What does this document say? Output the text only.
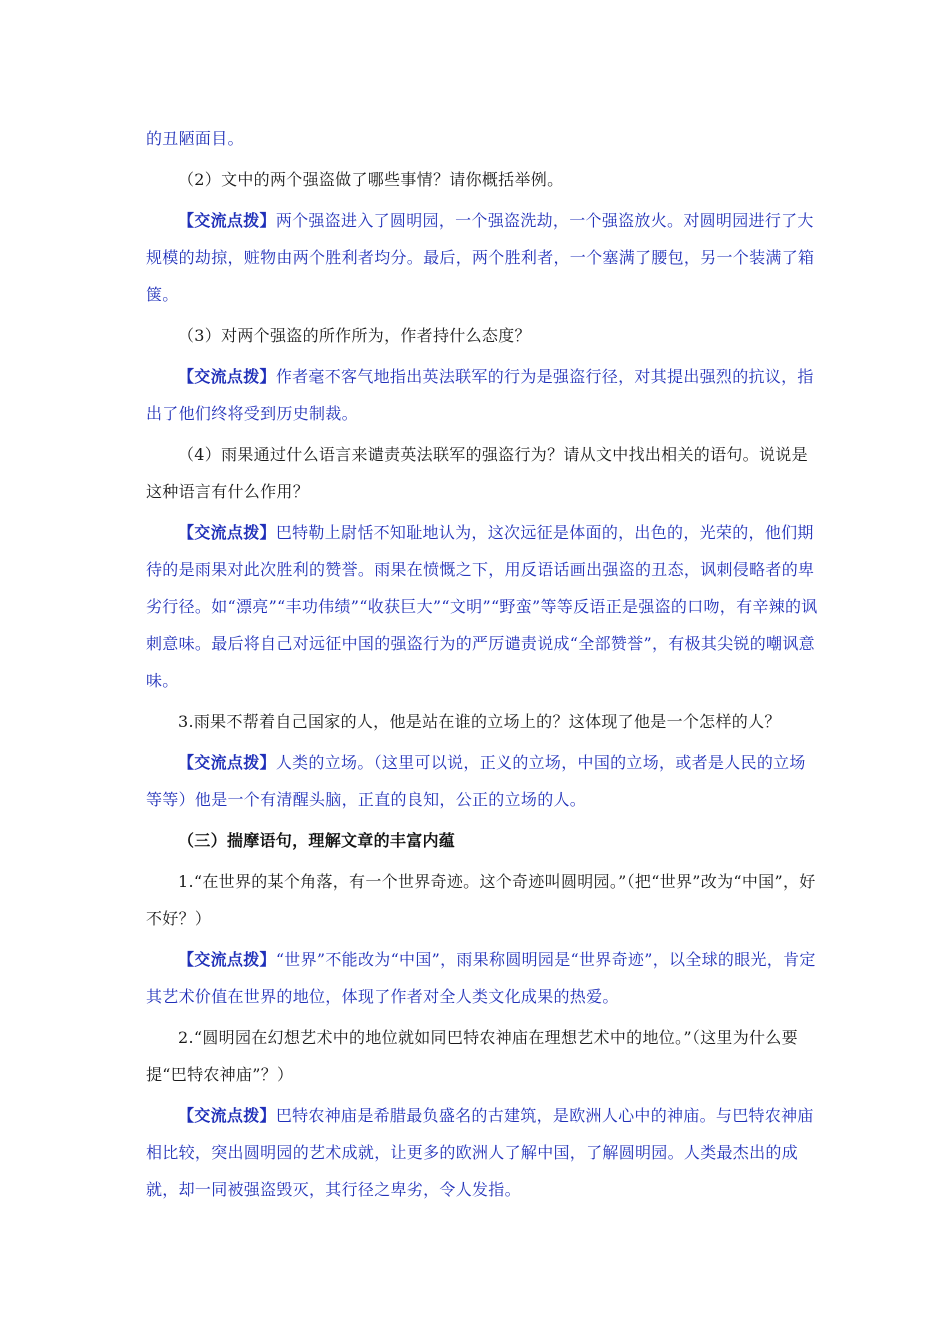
的丑陋面目。

（2）文中的两个强盗做了哪些事情？请你概括举例。

【交流点拨】两个强盗进入了圆明园，一个强盗洗劫，一个强盗放火。对圆明园进行了大规模的劫掠，赃物由两个胜利者均分。最后，两个胜利者，一个塞满了腰包，另一个装满了箱箧。

（3）对两个强盗的所作所为，作者持什么态度？

【交流点拨】作者毫不客气地指出英法联军的行为是强盗行径，对其提出强烈的抗议，指出了他们终将受到历史制裁。

（4）雨果通过什么语言来谴责英法联军的强盗行为？请从文中找出相关的语句。说说是这种语言有什么作用？

【交流点拨】巴特勒上尉恬不知耻地认为，这次远征是体面的，出色的，光荣的，他们期待的是雨果对此次胜利的赞誉。雨果在愤慨之下，用反语话画出强盗的丑态，讽刺侵略者的卑劣行径。如“漂亮”“丰功伟绩”“收获巨大”“文明”“野蛮”等等反语正是强盗的口吻，有辛辣的讽刺意味。最后将自己对远征中国的强盗行为的严厉谴责说成“全部赞誉”，有极其尖锐的嘲讽意味。

3.雨果不帮着自己国家的人，他是站在谁的立场上的？这体现了他是一个怎样的人？

【交流点拨】人类的立场。（这里可以说，正义的立场，中国的立场，或者是人民的立场等等）他是一个有清醒头脑，正直的良知，公正的立场的人。

（三）揣摩语句，理解文章的丰富内蕴

1.“在世界的某个角落，有一个世界奇迹。这个奇迹叫圆明园。”（把“世界”改为“中国”，好不好？）

【交流点拨】“世界”不能改为“中国”，雨果称圆明园是“世界奇迹”，以全球的眼光，肯定其艺术价值在世界的地位，体现了作者对全人类文化成果的热爱。

2.“圆明园在幻想艺术中的地位就如同巴特农神庙在理想艺术中的地位。”（这里为什么要提“巴特农神庙”？）

【交流点拨】巴特农神庙是希腊最负盛名的古建筑，是欧洲人心中的神庙。与巴特农神庙相比较，突出圆明园的艺术成就，让更多的欧洲人了解中国，了解圆明园。人类最杰出的成就，却一同被强盗毁灭，其行径之卑劣，令人发指。
